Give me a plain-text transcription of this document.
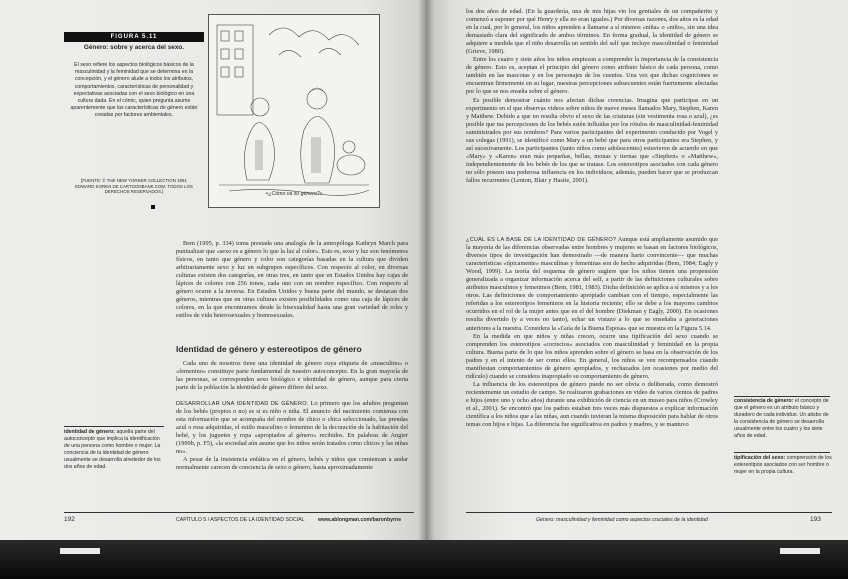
FIGURA 5.11
Género: sobre y acerca del sexo.
El sexo refiere los aspectos biológicos básicos de la masculinidad y la feminidad que se determina en la concepción, y el género alude a todos los atributos, comportamientos, características de personalidad y expectativas asociadas con el sexo biológico en una cultura dada. En el cómic, quien pregunta asume aparentemente que las características de género están creadas por factores ambientales.
[FUENTE: © THE NEW YORKER COLLECTION 1991 EDWARD KOREN DE CARTOONBANK.COM. TODOS LOS DERECHOS RESERVADOS.]	«¿Cómo va su género?»

Bem (1995, p. 334) toma prestada una analogía de la antropóloga Kathryn March para puntualizar que «sexo es a género lo que la luz al color». Esto es, sexo y luz son fenómenos físicos, en tanto que género y color son categorías basadas en la cultura que dividen arbitrariamente sexo y luz en subgrupos específicos. Con respecto al color, en diversas culturas existen dos categorías, en otras tres, en tanto que en Estados Unidos hay cajas de lápices de colores con 256 tonos, cada uno con un nombre específico. Con respecto al género ocurre a la inversa. En Estados Unidos y buena parte del mundo, se destacan dos géneros, mientras que en otras culturas existen posibilidades como una caja de lápices de colores, en la que encontramos desde la bisexualidad hasta una gran variedad de roles y estilos de vida heterosexuales y homosexuales.

Identidad de género y estereotipos de género

Cada uno de nosotros tiene una identidad de género cuya etiqueta de «masculino» o «femenino» constituye parte fundamental de nuestro autoconcepto. En la gran mayoría de las personas, se corresponden sexo biológico e identidad de género, aunque para cierta parte de la población la identidad de género difiere del sexo.

DESARROLLAR UNA IDENTIDAD DE GÉNERO. Lo primero que los adultos preguntan de los bebés (propios o no) es si es niño o niña. El anuncio del nacimiento comienza con esta información que se acompaña del nombre de chico o chica seleccionado, las prendas azul o rosa adquiridas, el estilo masculino o femenino de la decoración de la habitación del bebé, y los juguetes y ropa «apropiados al género» recibidos. En palabras de Angier (1999b, p. F5), «la sociedad aún asume que los niños serán tratados como chicos y las niñas no».

A pesar de la insistencia enfática en el género, bebés y niños que comienzan a andar normalmente carecen de conciencia de sexo o género, hasta aproximadamente

identidad de género: aquella parte del autoconcepto que implica la identificación de una persona como hombre o mujer. La conciencia de la identidad de género usualmente se desarrolla alrededor de los dos años de edad.
192	CAPÍTULO 5 / ASPECTOS DE LA IDENTIDAD SOCIAL	www.ablongman.com/baronbyrne

los dos años de edad. (En la guardería, una de mis hijas vio los genitales de un compañerito y comenzó a suponer por qué Henry y ella no eran iguales.) Por diversas razones, dos años es la edad en la cual, por lo general, los niños aprenden a llamarse a sí mismos «niña» o «niño», sin una idea demasiado clara del significado de ambos términos. En forma gradual, la identidad de género se adquiere a medida que el niño desarrolla un sentido del self que incluye masculinidad o feminidad (Grieve, 1980).

Entre los cuatro y siete años los niños empiezan a comprender la importancia de la consistencia de género. Esto es, aceptan el principio del género como atributo básico de cada persona, como también en las mascotas y en los personajes de los cuentos. Una vez que dichas cogniciones se encuentran firmemente en su lugar, nuestras percepciones subsecuentes están fuertemente afectadas por lo que se nos enseña sobre el género.

Es posible demostrar cuánto nos afectan dichas creencias. Imagina que participas en un experimento en el que observas videos sobre niños de nueve meses llamados Mary, Stephen, Karen y Matthew. Debido a que no resulta obvio el sexo de las criaturas (sin vestimenta rosa o azul), ¿es posible que tus percepciones de los bebés estén influidas por los rótulos de masculinidad-feminidad suministrados por sus nombres? Para varios participantes del experimento conducido por Vogel y sus colegas (1991), se identificó como Mary a un bebé que para otros participantes era Stephen, y así sucesivamente. Los participantes (tanto niños como adolescentes) estuvieron de acuerdo en que «Mary» y «Karen» eran más pequeñas, bellas, monas y tiernas que «Stephen» o «Matthew», independientemente de los bebés de los que se tratase. Los estereotipos asociados con cada género no sólo poseen una poderosa influencia en los individuos; además, pueden hacer que se produzcan fallos recurrentes (Lenton, Blair y Hastie, 2001).

¿CUÁL ES LA BASE DE LA IDENTIDAD DE GÉNERO? Aunque está ampliamente asumido que la mayoría de las diferencias observadas entre hombres y mujeres se basan en factores biológicos, diversos tipos de investigación han demostrado —de manera harto convincente— que muchas características «típicamente» masculinas y femeninas son de hecho adquiridas (Bem, 1984; Eagly y Wood, 1999). La teoría del esquema de género sugiere que los niños tienen una propensión generalizada a organizar información acerca del self, a partir de las definiciones culturales sobre atributos masculinos y femeninos (Bem, 1981, 1983). Dicha definición se aplica a sí mismos y a los otros. Las definiciones de comportamiento apropiado cambian con el tiempo, especialmente las referidas a los estereotipos femeninos en la historia reciente; ello se debe a los mayores cambios ocurridos en el rol de la mujer antes que en el del hombre (Diekman y Eagly, 2000). En ocasiones resulta divertido (y a veces no tanto), echar un vistazo a lo que se enseñaba a generaciones anteriores a la nuestra. Considera la «Guía de la Buena Esposa» que se muestra en la Figura 5.14.

En la medida en que niños y niñas crecen, ocurre una tipificación del sexo cuando se comprenden los estereotipos «correctos» asociados con masculinidad y feminidad en la propia cultura. Buena parte de lo que los niños aprenden sobre el género se basa en la observación de los padres y en el intento de ser como ellos. En general, los niños se ven recompensados cuando manifiestan comportamientos de género apropiados, y rechazados (en ocasiones por medio del ridículo) cuando se considera inapropiado su comportamiento de género.

La influencia de los estereotipos de género puede no ser obvia o deliberada, como demostró recientemente un estudio de campo. Se realizaron grabaciones en video de varios cientos de padres e hijos (entre uno y ocho años) durante una exhibición de ciencia en un museo para niños (Crowley et al., 2001). Se encontró que los padres estaban tres veces más dispuestos a explicar información científica a los niños que a las niñas, aun cuando tuvieran la misma disposición para hablar de otros temas con hijos e hijas. La diferencia fue significativa en padres y madres, y se mantuvo

consistencia de género: el concepto de que el género es un atributo básico y duradero de cada individuo. Un atisbo de la consistencia de género se desarrolla usualmente entre los cuatro y los siete años de edad.
tipificación del sexo: comprensión de los estereotipos asociados con ser hombre o mujer en la propia cultura.
Género: masculinidad y feminidad como aspectos cruciales de la identidad	193
